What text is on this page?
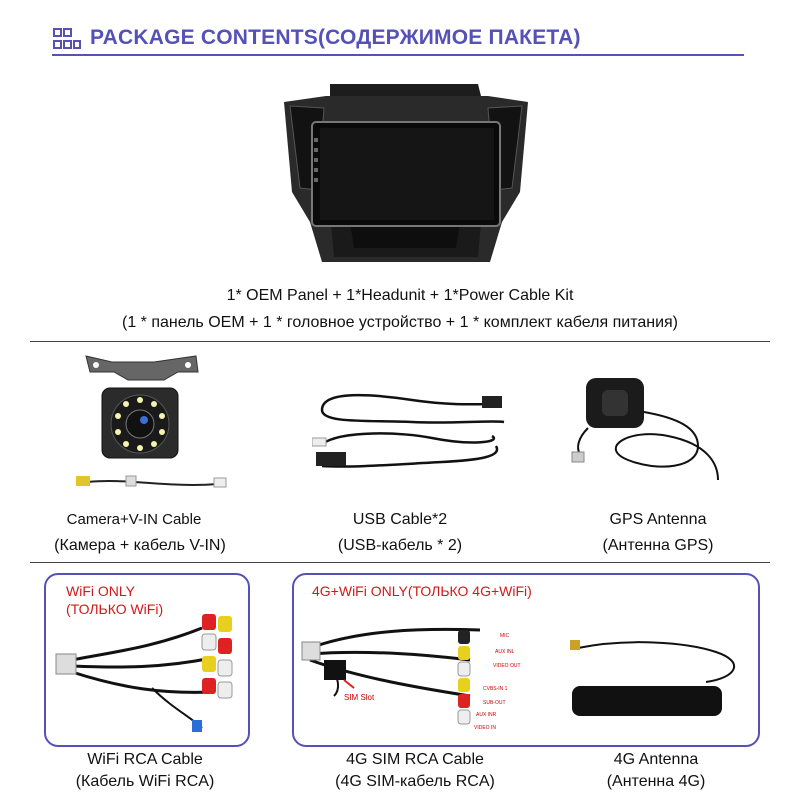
PACKAGE CONTENTS(СОДЕРЖИМОЕ ПАКЕТА)
1* OEM Panel + 1*Headunit + 1*Power Cable Kit
(1 * панель OEM + 1 * головное устройство + 1 * комплект кабеля питания)
Camera+V-IN Cable
(Камера + кабель V-IN)
USB Cable*2
(USB-кабель * 2)
GPS Antenna
(Антенна GPS)
WiFi ONLY
(ТОЛЬКО WiFi)
WiFi RCA Cable
(Кабель WiFi RCA)
4G+WiFi ONLY(ТОЛЬКО 4G+WiFi)
SIM Slot
MIC
AUX INL
VIDEO OUT
CVBS-IN 1
SUB-OUT
AUX INR
VIDEO IN
4G Antenna
(Антенна 4G)
4G SIM RCA Cable
(4G SIM-кабель RCA)
